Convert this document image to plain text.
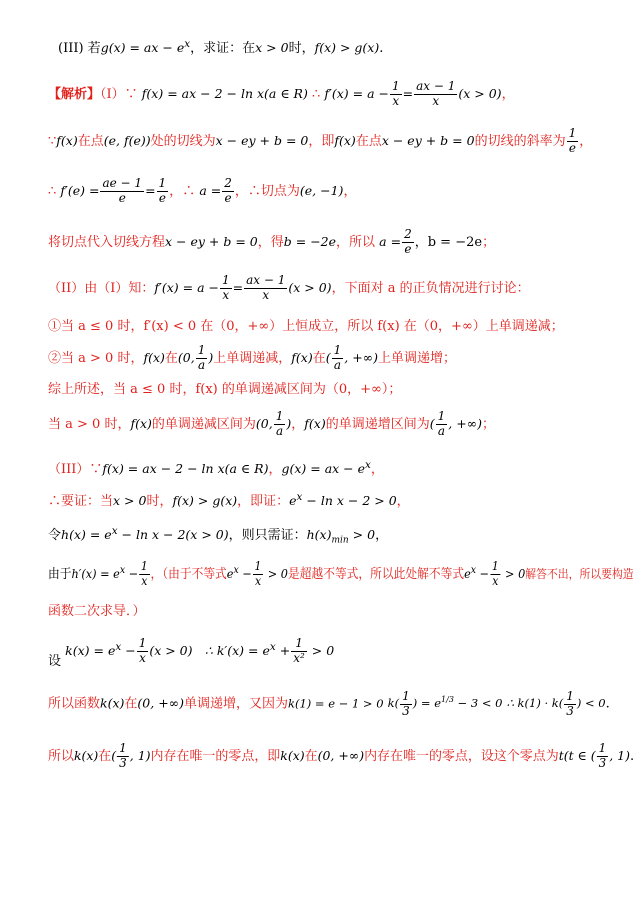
(III) 若g(x) = ax − $e^x$，求证：在x > 0时，f(x) > g(x).
【解析】（I）∵ f(x) = ax − 2 − ln x(a ∈ R) ∴ $f'(x) = a - \frac{1}{x} = \frac{ax - 1}{x} (x > 0)$，
∵f(x)在点(e, f(e))处的切线为x − ey + b = 0，即f(x)在点x − ey + b = 0的切线的斜率为 $\frac{1}{e}$ ，
∴ $f'(e) = \frac{ae - 1}{e} = \frac{1}{e}$ ，∴ $a = \frac{2}{e}$ ，∴切点为(e, −1)，
将切点代入切线方程x − ey + b = 0，得b = −2e，所以 $a = \frac{2}{e}$ ，b = −2e；
（II）由（I）知：$f'(x) = a - \frac{1}{x} = \frac{ax - 1}{x} (x > 0)$，下面对 a 的正负情况进行讨论：
①当 a ≤ 0 时，f′(x) < 0 在（0，+∞）上恒成立，所以 f(x) 在（0，+∞）上单调递减；
②当 a > 0 时，f(x)在(0, $\frac{1}{a}$ )上单调递减，f(x)在( $\frac{1}{a}$ , +∞)上单调递增；
综上所述，当 a ≤ 0 时，f(x) 的单调递减区间为（0，+∞）；
当 a > 0 时，f(x)的单调递减区间为(0, $\frac{1}{a}$ )，f(x)的单调递增区间为( $\frac{1}{a}$ , +∞)；
（III）∵f(x) = ax − 2 − ln x(a ∈ R)，g(x) = ax − $e^x$，
∴要证：当x > 0时，f(x) > g(x)，即证：$e^x - \ln x - 2 > 0$，
令$h(x) = e^x - \ln x - 2(x > 0)$，则只需证：$h(x)_{min} > 0$，
由于$h'(x) = e^x - \frac{1}{x}$ ，（由于不等式$e^x - \frac{1}{x} > 0$是超越不等式，所以此处解不等式$e^x - \frac{1}{x} > 0$解答不出，所以要构造
函数二次求导．）
设 $k(x) = e^x - \frac{1}{x} (x > 0)$ ∴ $k'(x) = e^x + \frac{1}{\text{x²}} > 0$
所以函数k(x)在(0, +∞)单调递增，又因为k(1) = e − 1 > 0 $k( \frac{1}{3}$ ) = $e^{1/3} - 3 < 0$ ∴ $k(1) \cdot k( \frac{1}{3}$ ) < 0.
所以k(x)在( $\frac{1}{3}$ , 1)内存在唯一的零点，即k(x)在(0, +∞)内存在唯一的零点，设这个零点为t(t ∈ ( $\frac{1}{3}$ , 1).
